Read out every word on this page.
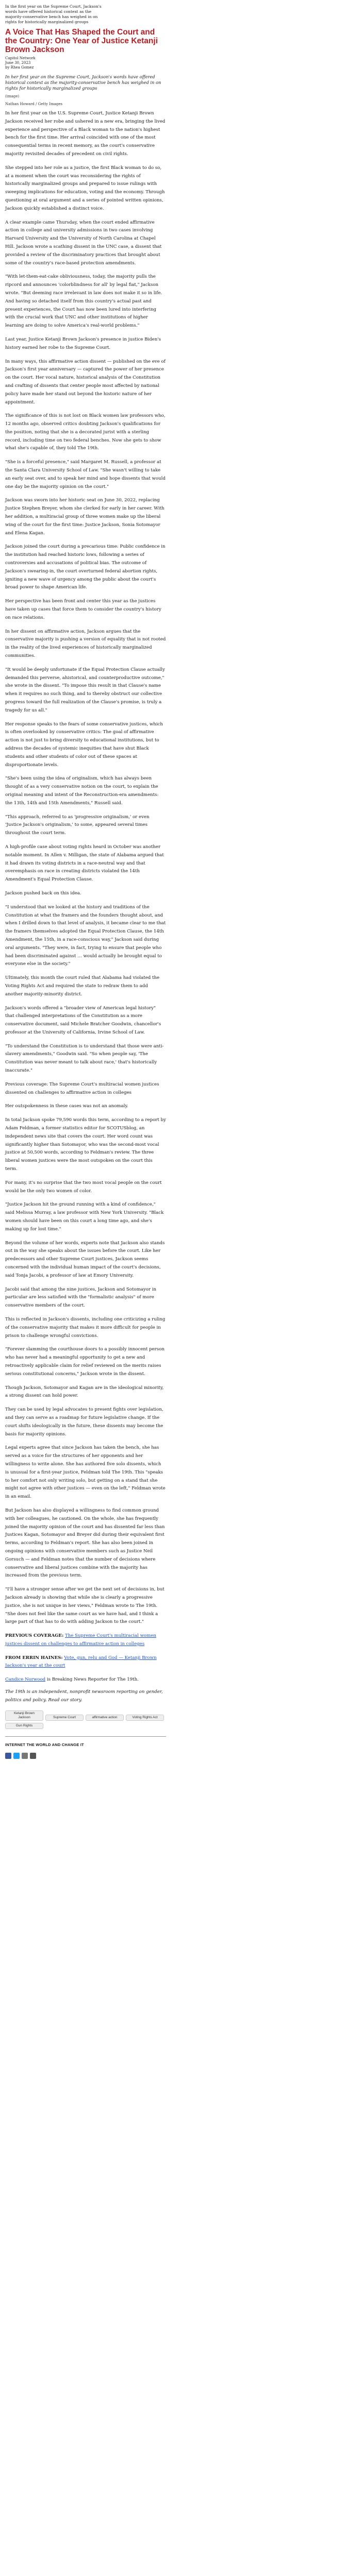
In the first year on the Supreme Court, Jackson's words have offered historical context as the majority-conservative bench has weighed in on rights for historically marginalized groups
A Voice That Has Shaped the Court and the Country: One Year of Justice Ketanji Brown Jackson
Capitol Network
June 30, 2023
by Rhea Gomez
In her first year on the Supreme Court, Jackson's words have offered historical context as the majority-conservative bench has weighed in on rights for historically marginalized groups
(image)
Nathan Howard / Getty Images

In her first year on the U.S. Supreme Court, Justice Ketanji Brown Jackson received her robe and ushered in a new era, bringing the lived experience and perspective of a Black woman to the nation's highest bench for the first time. Her arrival coincided with one of the most consequential terms in recent memory, as the court's conservative majority revisited decades of precedent on civil rights.

She stepped into her role as a justice, the first Black woman to do so, at a moment when the court was reconsidering the rights of historically marginalized groups and prepared to issue rulings with sweeping implications for education, voting and the economy. Through questioning at oral argument and a series of pointed written opinions, Jackson quickly established a distinct voice.

A clear example came Thursday, when the court ended affirmative action in college and university admissions in two cases involving Harvard University and the University of North Carolina at Chapel Hill. Jackson wrote a scathing dissent in the UNC case, a dissent that provided a review of the discriminatory practices that brought about some of the country's race-based protection amendments.

"With let-them-eat-cake obliviousness, today, the majority pulls the ripcord and announces 'colorblindness for all' by legal fiat," Jackson wrote. "But deeming race irrelevant in law does not make it so in life. And having so detached itself from this country's actual past and present experiences, the Court has now been lured into interfering with the crucial work that UNC and other institutions of higher learning are doing to solve America's real-world problems."

Last year, Justice Ketanji Brown Jackson's presence in justice Biden's history earned her robe to the Supreme Court.

In many ways, this affirmative action dissent — published on the eve of Jackson's first year anniversary — captured the power of her presence on the court. Her vocal nature, historical analysis of the Constitution and crafting of dissents that center people most affected by national policy have made her stand out beyond the historic nature of her appointment.

The significance of this is not lost on Black women law professors who, 12 months ago, observed critics doubting Jackson's qualifications for the position, noting that she is a decorated jurist with a sterling record, including time on two federal benches. Now she gets to show what she's capable of, they told The 19th.

"She is a forceful presence," said Margaret M. Russell, a professor at the Santa Clara University School of Law. "She wasn't willing to take an early seat over, and to speak her mind and hope dissents that would one day be the majority opinion on the court."

Jackson was sworn into her historic seat on June 30, 2022, replacing Justice Stephen Breyer, whom she clerked for early in her career. With her addition, a multiracial group of three women make up the liberal wing of the court for the first time: Justice Jackson, Sonia Sotomayor and Elena Kagan.

Jackson joined the court during a precarious time: Public confidence in the institution had reached historic lows, following a series of controversies and accusations of political bias. The outcome of Jackson's swearing-in, the court overturned federal abortion rights, igniting a new wave of urgency among the public about the court's broad power to shape American life.

Her perspective has been front and center this year as the justices have taken up cases that force them to consider the country's history on race relations.

In her dissent on affirmative action, Jackson argues that the conservative majority is pushing a version of equality that is not rooted in the reality of the lived experiences of historically marginalized communities.

"It would be deeply unfortunate if the Equal Protection Clause actually demanded this perverse, ahistorical, and counterproductive outcome," she wrote in the dissent. "To impose this result in that Clause's name when it requires no such thing, and to thereby obstruct our collective progress toward the full realization of the Clause's promise, is truly a tragedy for us all."

Her response speaks to the fears of some conservative justices, which is often overlooked by conservative critics: The goal of affirmative action is not just to bring diversity to educational institutions, but to address the decades of systemic inequities that have shut Black students and other students of color out of these spaces at disproportionate levels.

"She's been using the idea of originalism, which has always been thought of as a very conservative notion on the court, to explain the original meaning and intent of the Reconstruction-era amendments: the 13th, 14th and 15th Amendments," Russell said.

"This approach, referred to as 'progressive originalism,' or even 'Justice Jackson's originalism,' to some, appeared several times throughout the court term.

A high-profile case about voting rights heard in October was another notable moment. In Allen v. Milligan, the state of Alabama argued that it had drawn its voting districts in a race-neutral way and that overemphasis on race in creating districts violated the 14th Amendment's Equal Protection Clause.

Jackson pushed back on this idea.

"I understood that we looked at the history and traditions of the Constitution at what the framers and the founders thought about, and when I drilled down to that level of analysis, it became clear to me that the framers themselves adopted the Equal Protection Clause, the 14th Amendment, the 15th, in a race-conscious way," Jackson said during oral arguments. "They were, in fact, trying to ensure that people who had been discriminated against … would actually be brought equal to everyone else in the society."

Ultimately, this month the court ruled that Alabama had violated the Voting Rights Act and required the state to redraw them to add another majority-minority district.

Jackson's words offered a "broader view of American legal history" that challenged interpretations of the Constitution as a more conservative document, said Michele Bratcher Goodwin, chancellor's professor at the University of California, Irvine School of Law.

"To understand the Constitution is to understand that those were anti-slavery amendments," Goodwin said. "So when people say, 'The Constitution was never meant to talk about race,' that's historically inaccurate."

Previous coverage: The Supreme Court's multiracial women justices dissented on challenges to affirmative action in colleges

Her outspokenness in these cases was not an anomaly.

In total Jackson spoke 79,590 words this term, according to a report by Adam Feldman, a former statistics editor for SCOTUSblog, an independent news site that covers the court. Her word count was significantly higher than Sotomayor, who was the second-most vocal justice at 50,500 words, according to Feldman's review. The three liberal women justices were the most outspoken on the court this term.

For many, it's no surprise that the two most vocal people on the court would be the only two women of color.

"Justice Jackson hit the ground running with a kind of confidence," said Melissa Murray, a law professor with New York University. "Black women should have been on this court a long time ago, and she's making up for lost time."

Beyond the volume of her words, experts note that Jackson also stands out in the way she speaks about the issues before the court. Like her predecessors and other Supreme Court justices, Jackson seems concerned with the individual human impact of the court's decisions, said Tonja Jacobi, a professor of law at Emory University.

Jacobi said that among the nine justices, Jackson and Sotomayor in particular are less satisfied with the "formalistic analysis" of more conservative members of the court.

This is reflected in Jackson's dissents, including one criticizing a ruling of the conservative majority that makes it more difficult for people in prison to challenge wrongful convictions.

"Forever slamming the courthouse doors to a possibly innocent person who has never had a meaningful opportunity to get a new and retroactively applicable claim for relief reviewed on the merits raises serious constitutional concerns," Jackson wrote in the dissent.

Though Jackson, Sotomayor and Kagan are in the ideological minority, a strong dissent can hold power.

They can be used by legal advocates to present fights over legislation, and they can serve as a roadmap for future legislative change. If the court shifts ideologically in the future, these dissents may become the basis for majority opinions.

Legal experts agree that since Jackson has taken the bench, she has served as a voice for the structures of her opponents and her willingness to write alone. She has authored five solo dissents, which is unusual for a first-year justice, Feldman told The 19th. This "speaks to her comfort not only writing solo, but getting on a stand that she might not agree with other justices — even on the left," Feldman wrote in an email.

But Jackson has also displayed a willingness to find common ground with her colleagues, he cautioned. On the whole, she has frequently joined the majority opinion of the court and has dissented far less than Justices Kagan, Sotomayor and Breyer did during their equivalent first terms, according to Feldman's report. She has also been joined in ongoing opinions with conservative members such as Justice Neil Gorsuch — and Feldman notes that the number of decisions where conservative and liberal justices combine with the majority has increased from the previous term.

"I'll have a stronger sense after we get the next set of decisions in, but Jackson already is showing that while she is clearly a progressive justice, she is not unique in her views," Feldman wrote to The 19th. "She does not feel like the same court as we have had, and I think a large part of that has to do with adding Jackson to the court."

PREVIOUS COVERAGE: The Supreme Court's multiracial women justices dissent on challenges to affirmative action in colleges

FROM ERRIN HAINES: Vote, gun, relu and God — Ketanji Brown Jackson's year at the court

Candice Norwood is Breaking News Reporter for The 19th.

The 19th is an independent, nonprofit newsroom reporting on gender, politics and policy. Read our story.

Ketanji Brown Jackson	Supreme Court	affirmative action	Voting Rights ActGun Rights
INTERNET THE WORLD AND CHANGE IT
